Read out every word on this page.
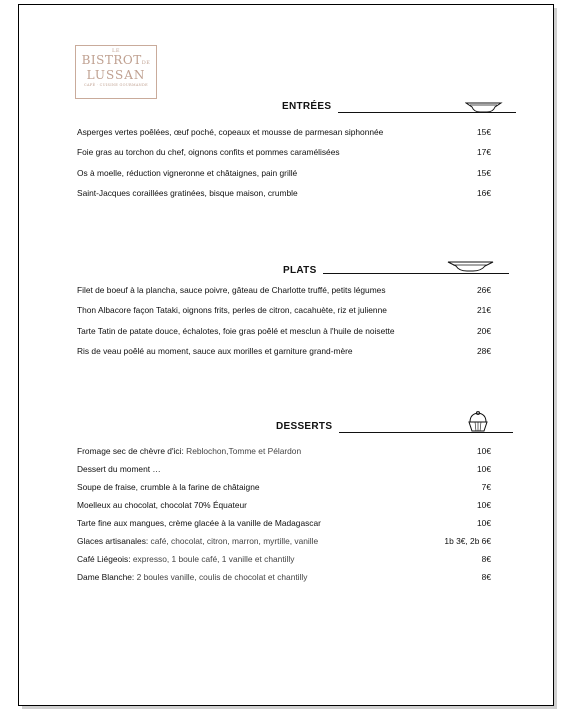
LE
BISTROTDE
LUSSAN
CAFÉ · CUISINE GOURMANDE
ENTRÉES
Asperges vertes poêlées, œuf poché, copeaux et mousse de parmesan siphonnée	15€
Foie gras au torchon du chef, oignons confits et pommes caramélisées	17€
Os à moelle, réduction vigneronne et châtaignes, pain grillé	15€
Saint-Jacques coraillées gratinées, bisque maison, crumble	16€
PLATS
Filet de boeuf à la plancha, sauce poivre, gâteau de Charlotte truffé, petits légumes	26€
Thon Albacore façon Tataki, oignons frits, perles de citron, cacahuète, riz et julienne	21€
Tarte Tatin de patate douce, échalotes, foie gras poêlé et mesclun à l'huile de noisette	20€
Ris de veau poêlé au moment, sauce aux morilles et garniture grand-mère	28€
DESSERTS
Fromage sec de chèvre d'ici: Reblochon,Tomme et Pélardon	10€
Dessert du moment …	10€
Soupe de fraise, crumble à la farine de châtaigne	7€
Moelleux au chocolat, chocolat 70% Équateur	10€
Tarte fine aux mangues, crème glacée à la vanille de Madagascar	10€
Glaces artisanales: café, chocolat, citron, marron, myrtille, vanille	1b 3€, 2b 6€
Café Liégeois: expresso, 1 boule café, 1 vanille et chantilly	8€
Dame Blanche: 2 boules vanille, coulis de chocolat et chantilly	8€
